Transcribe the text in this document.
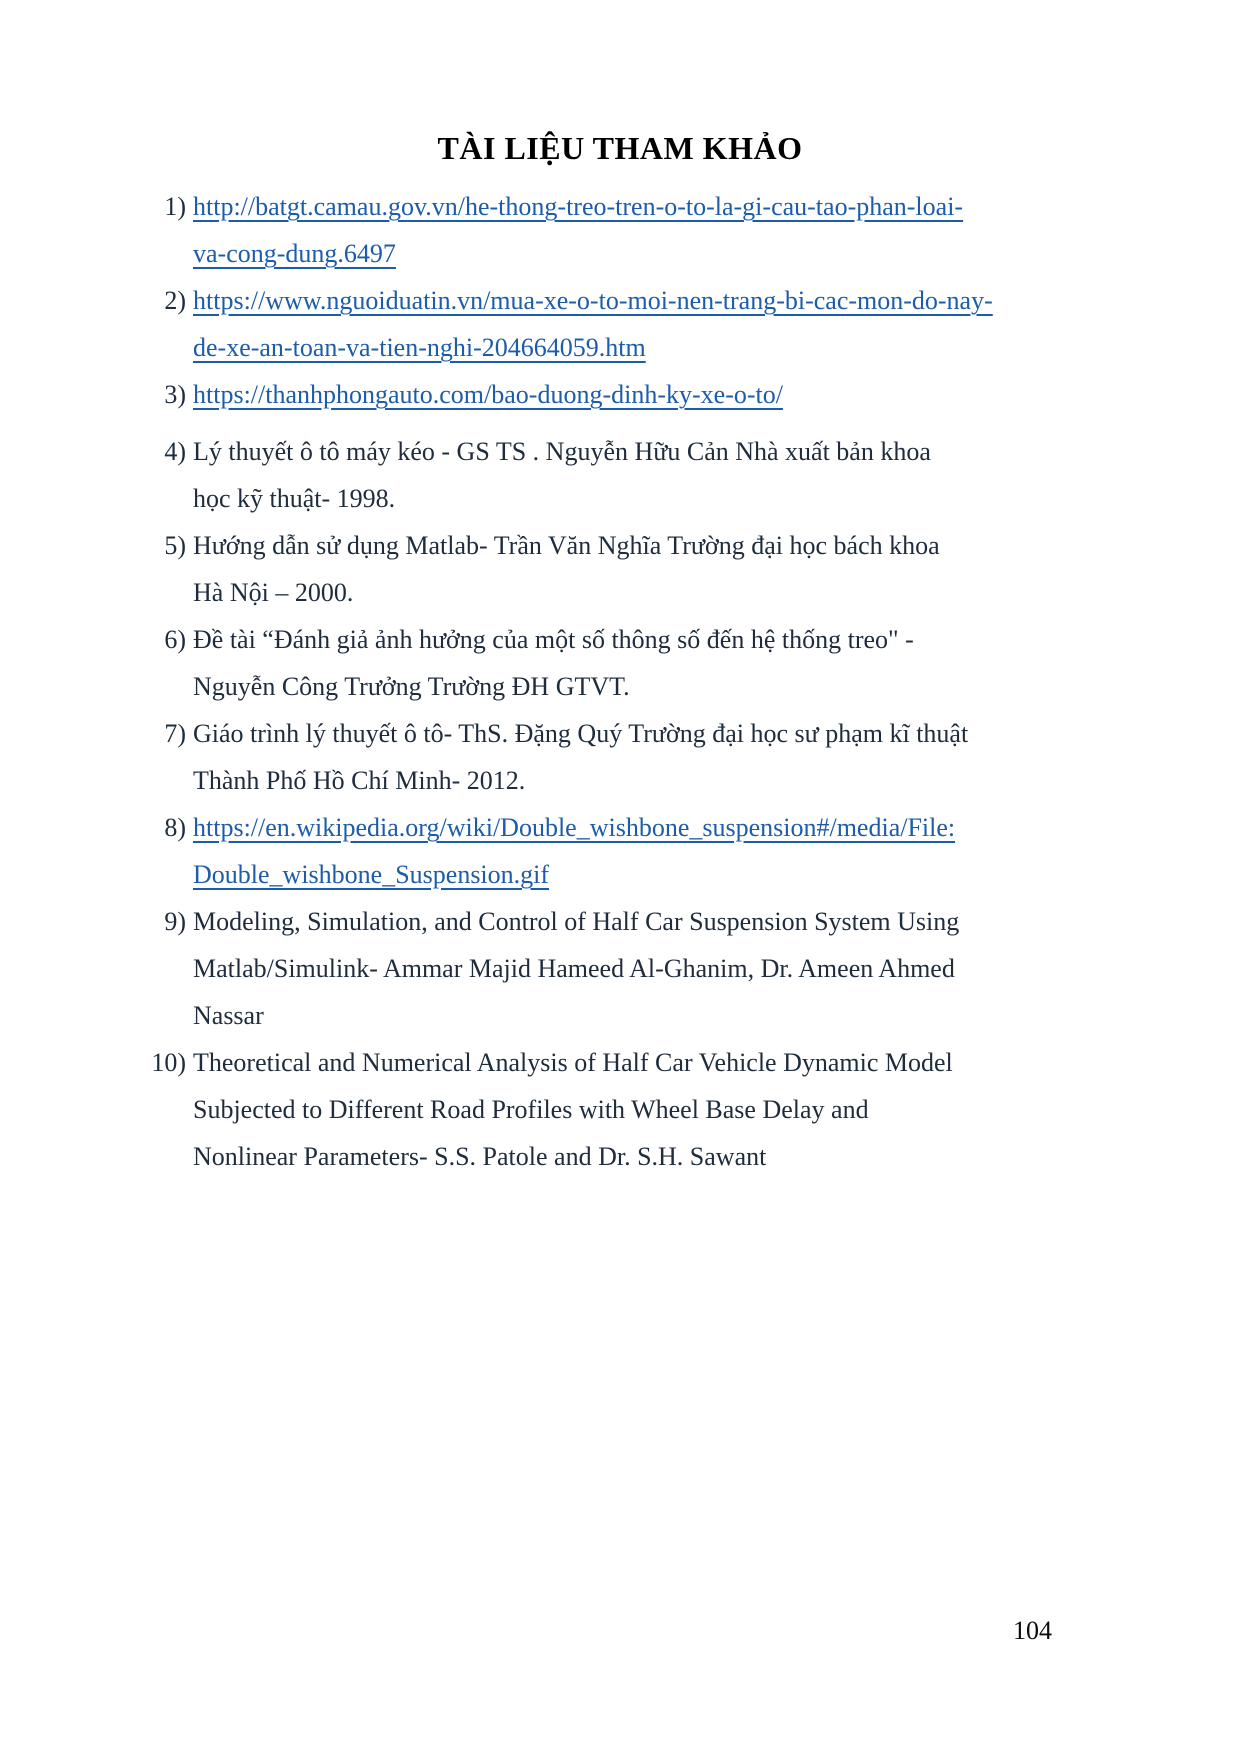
TÀI LIỆU THAM KHẢO
1) http://batgt.camau.gov.vn/he-thong-treo-tren-o-to-la-gi-cau-tao-phan-loai-
va-cong-dung.6497
2) https://www.nguoiduatin.vn/mua-xe-o-to-moi-nen-trang-bi-cac-mon-do-nay-
de-xe-an-toan-va-tien-nghi-204664059.htm
3) https://thanhphongauto.com/bao-duong-dinh-ky-xe-o-to/
4) Lý thuyết ô tô máy kéo - GS TS . Nguyễn Hữu Cản Nhà xuất bản khoa
học kỹ thuật- 1998.
5) Hướng dẫn sử dụng Matlab- Trần Văn Nghĩa Trường đại học bách khoa
Hà Nội – 2000.
6) Đề tài “Đánh giả ảnh hưởng của một số thông số đến hệ thống treo" -
Nguyễn Công Trưởng Trường ĐH GTVT.
7) Giáo trình lý thuyết ô tô- ThS. Đặng Quý Trường đại học sư phạm kĩ thuật
Thành Phố Hồ Chí Minh- 2012.
8) https://en.wikipedia.org/wiki/Double_wishbone_suspension#/media/File:
Double_wishbone_Suspension.gif
9) Modeling, Simulation, and Control of Half Car Suspension System Using
Matlab/Simulink- Ammar Majid Hameed Al-Ghanim, Dr. Ameen Ahmed
Nassar
10) Theoretical and Numerical Analysis of Half Car Vehicle Dynamic Model
Subjected to Different Road Profiles with Wheel Base Delay and
Nonlinear Parameters- S.S. Patole and Dr. S.H. Sawant
104
